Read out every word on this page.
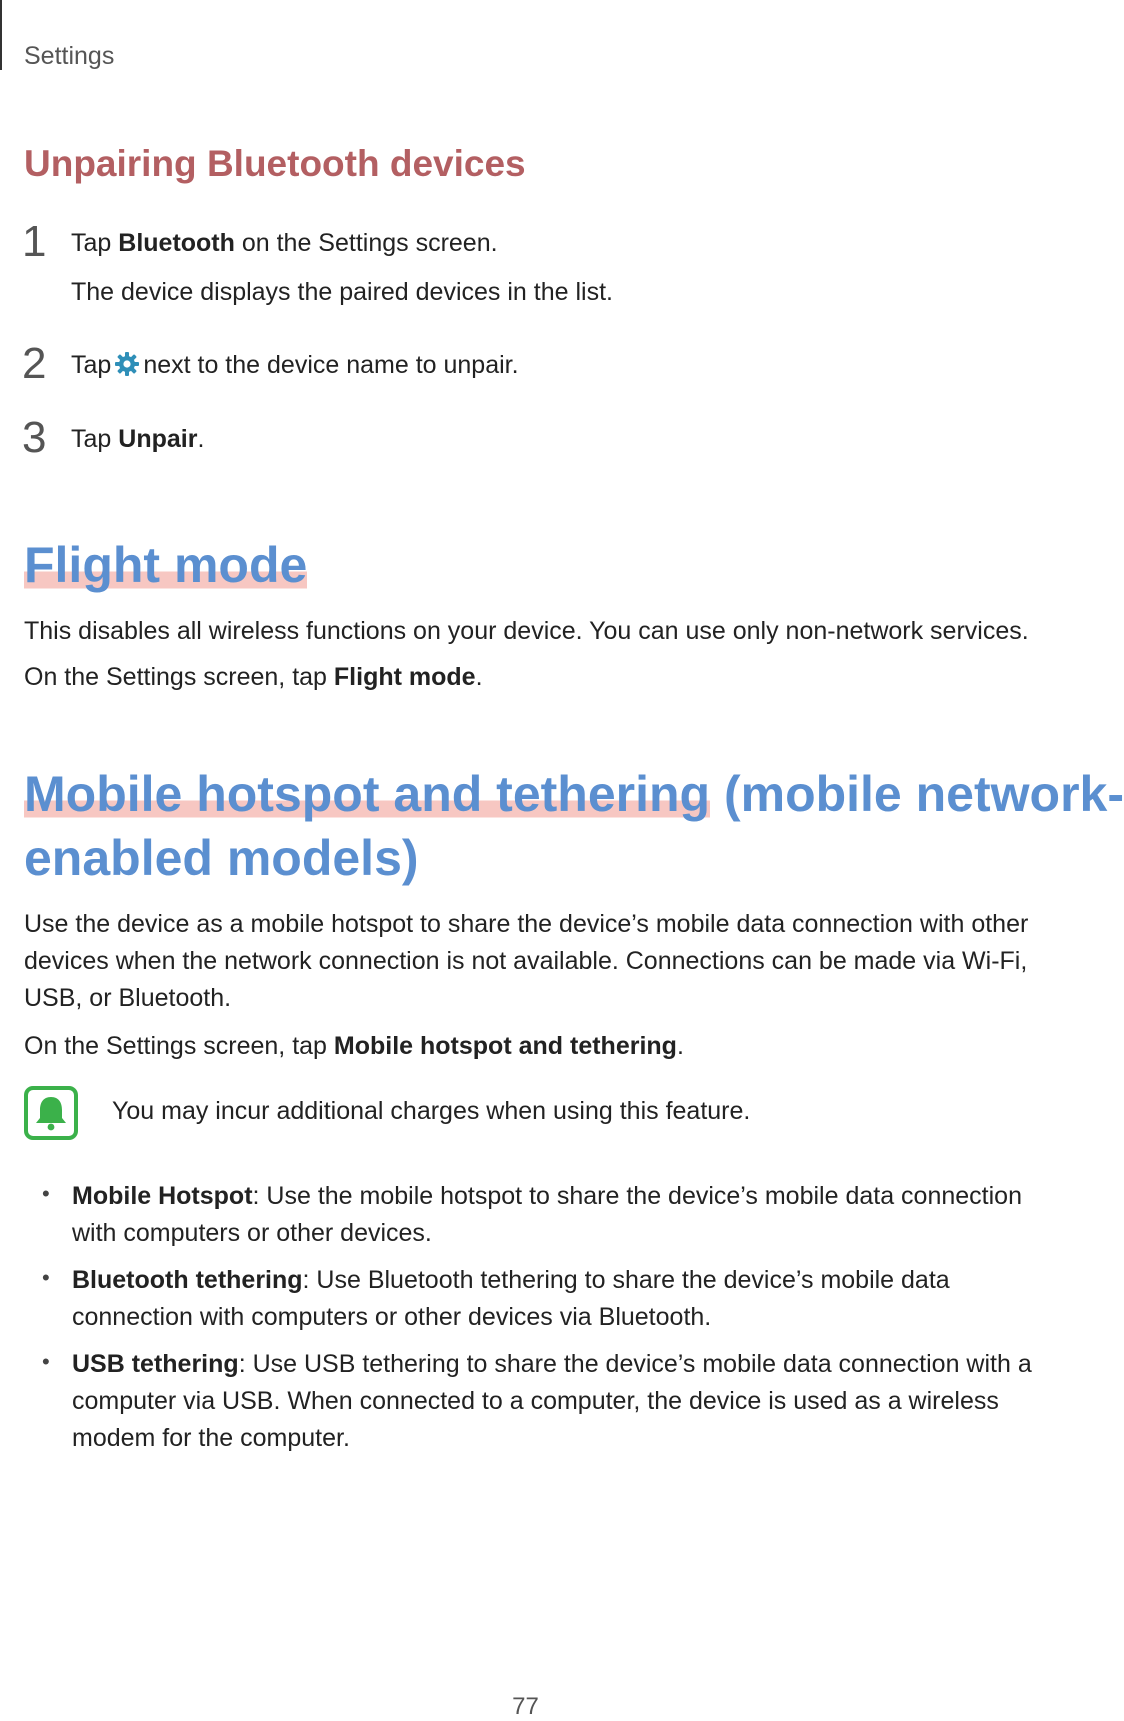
Settings
Unpairing Bluetooth devices
1 Tap Bluetooth on the Settings screen.
The device displays the paired devices in the list.
2 Tap next to the device name to unpair.
3 Tap Unpair.
Flight mode
This disables all wireless functions on your device. You can use only non-network services.
On the Settings screen, tap Flight mode.
Mobile hotspot and tethering (mobile network-
enabled models)
Use the device as a mobile hotspot to share the device’s mobile data connection with other devices when the network connection is not available. Connections can be made via Wi-Fi, USB, or Bluetooth.
On the Settings screen, tap Mobile hotspot and tethering.
You may incur additional charges when using this feature.
• Mobile Hotspot: Use the mobile hotspot to share the device’s mobile data connection with computers or other devices.
• Bluetooth tethering: Use Bluetooth tethering to share the device’s mobile data connection with computers or other devices via Bluetooth.
• USB tethering: Use USB tethering to share the device’s mobile data connection with a computer via USB. When connected to a computer, the device is used as a wireless modem for the computer.
77
